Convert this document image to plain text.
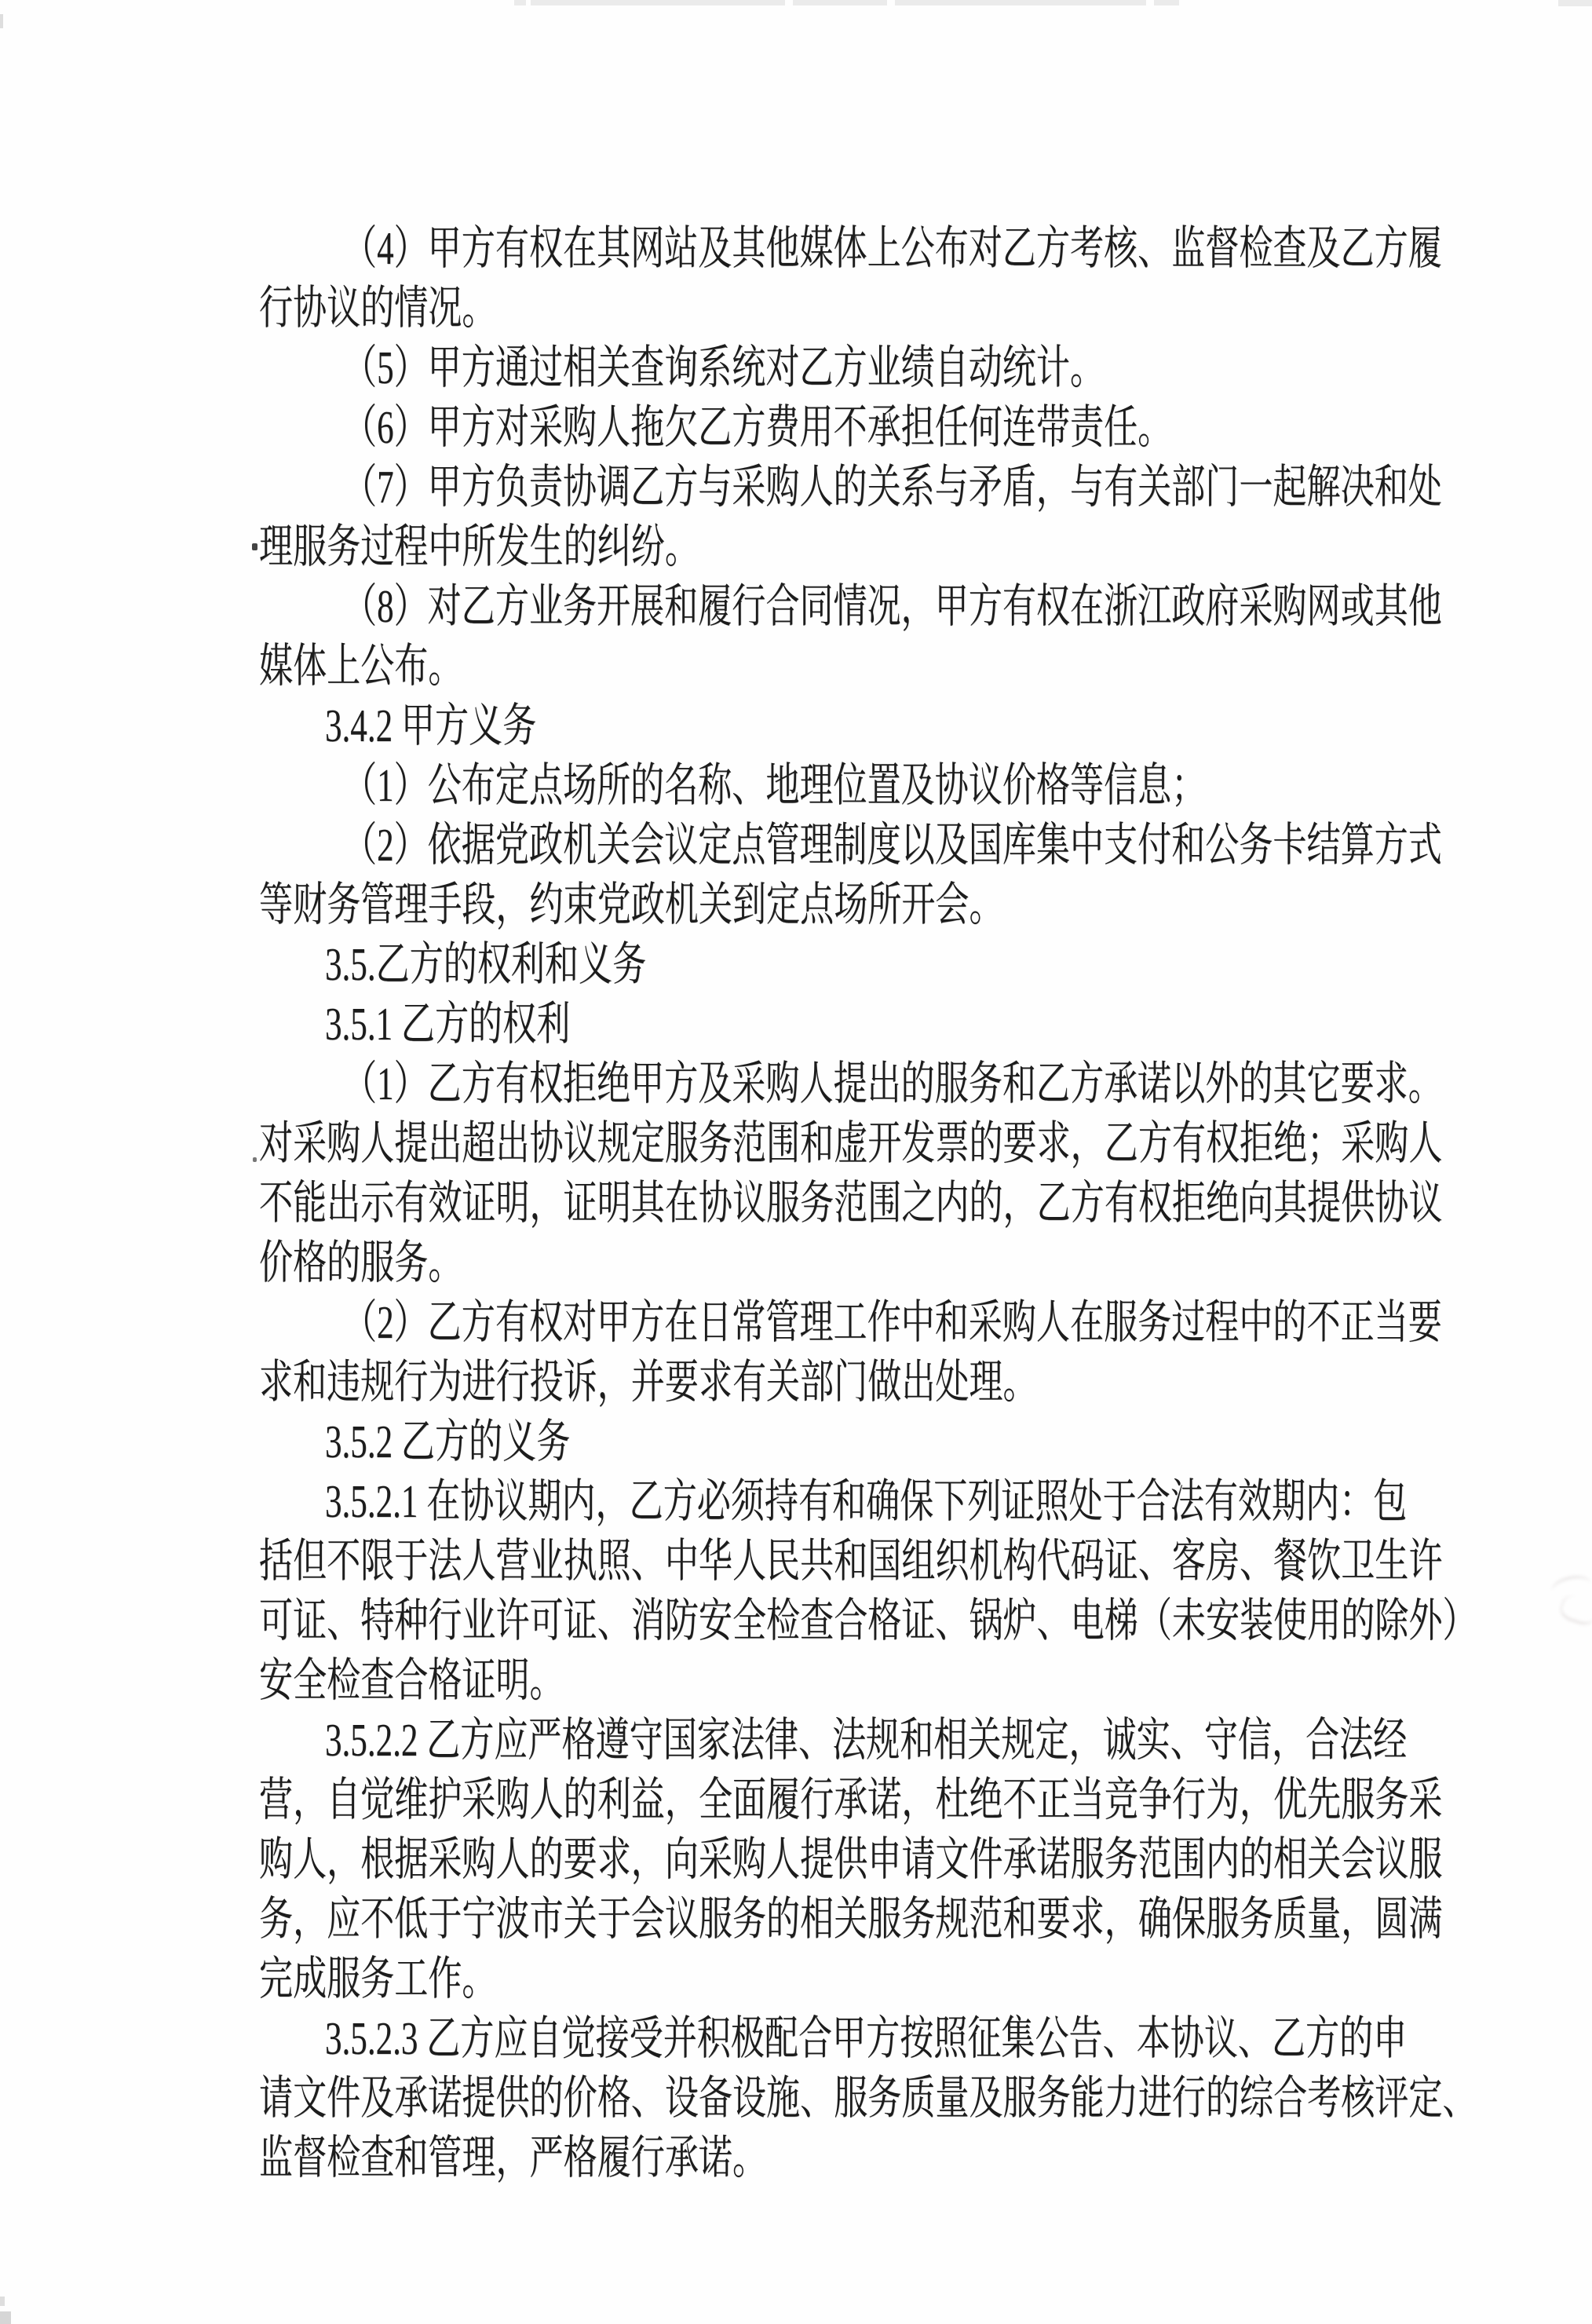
（4）甲方有权在其网站及其他媒体上公布对乙方考核、监督检查及乙方履
行协议的情况。
（5）甲方通过相关查询系统对乙方业绩自动统计。
（6）甲方对采购人拖欠乙方费用不承担任何连带责任。
（7）甲方负责协调乙方与采购人的关系与矛盾，与有关部门一起解决和处
理服务过程中所发生的纠纷。
（8）对乙方业务开展和履行合同情况，甲方有权在浙江政府采购网或其他
媒体上公布。
3.4.2 甲方义务
（1）公布定点场所的名称、地理位置及协议价格等信息；
（2）依据党政机关会议定点管理制度以及国库集中支付和公务卡结算方式
等财务管理手段，约束党政机关到定点场所开会。
3.5.乙方的权利和义务
3.5.1 乙方的权利
（1）乙方有权拒绝甲方及采购人提出的服务和乙方承诺以外的其它要求。
对采购人提出超出协议规定服务范围和虚开发票的要求，乙方有权拒绝；采购人
不能出示有效证明，证明其在协议服务范围之内的，乙方有权拒绝向其提供协议
价格的服务。
（2）乙方有权对甲方在日常管理工作中和采购人在服务过程中的不正当要
求和违规行为进行投诉，并要求有关部门做出处理。
3.5.2 乙方的义务
3.5.2.1 在协议期内，乙方必须持有和确保下列证照处于合法有效期内：包
括但不限于法人营业执照、中华人民共和国组织机构代码证、客房、餐饮卫生许
可证、特种行业许可证、消防安全检查合格证、锅炉、电梯（未安装使用的除外）
安全检查合格证明。
3.5.2.2 乙方应严格遵守国家法律、法规和相关规定，诚实、守信，合法经
营，自觉维护采购人的利益，全面履行承诺，杜绝不正当竞争行为，优先服务采
购人，根据采购人的要求，向采购人提供申请文件承诺服务范围内的相关会议服
务，应不低于宁波市关于会议服务的相关服务规范和要求，确保服务质量，圆满
完成服务工作。
3.5.2.3 乙方应自觉接受并积极配合甲方按照征集公告、本协议、乙方的申
请文件及承诺提供的价格、设备设施、服务质量及服务能力进行的综合考核评定、
监督检查和管理，严格履行承诺。
